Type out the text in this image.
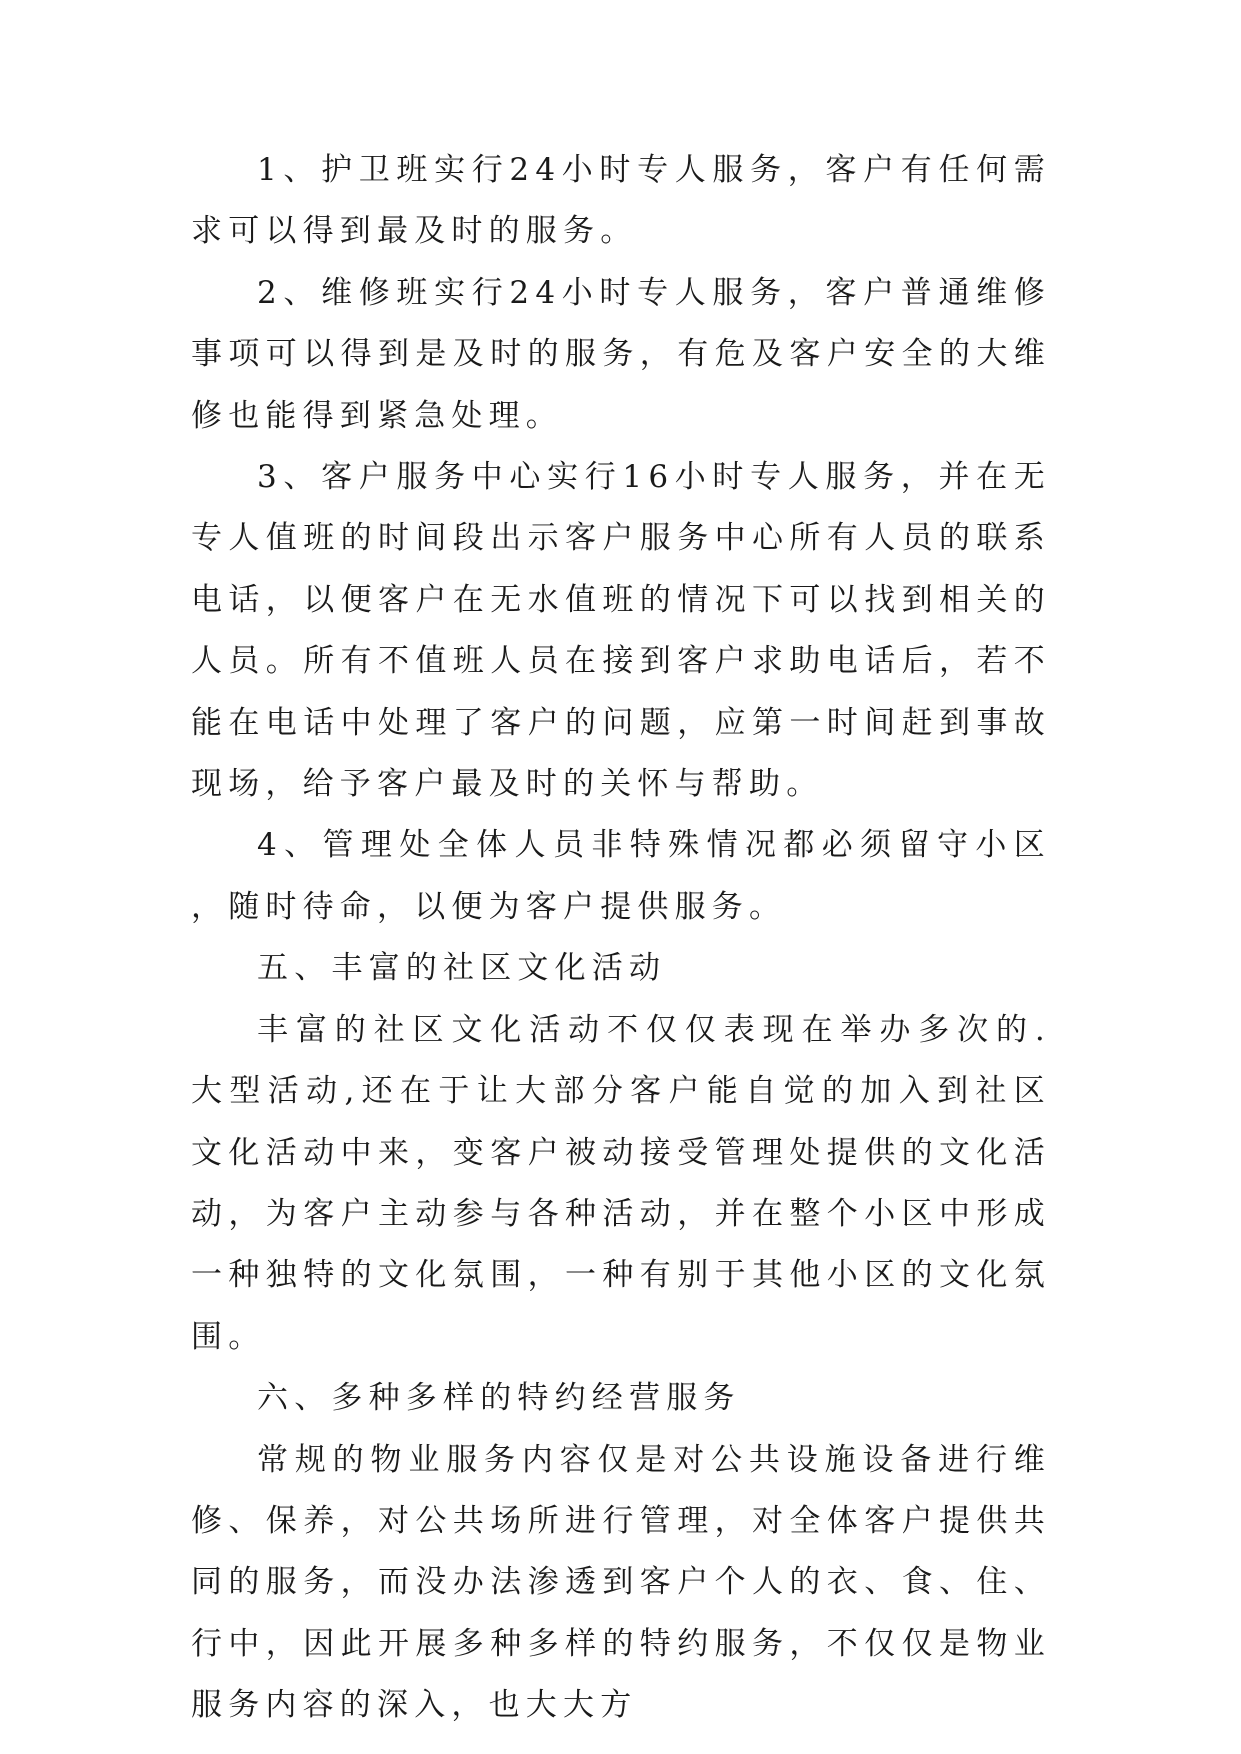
1、护卫班实行24小时专人服务，客户有任何需求可以得到最及时的服务。

2、维修班实行24小时专人服务，客户普通维修事项可以得到是及时的服务，有危及客户安全的大维修也能得到紧急处理。

3、客户服务中心实行16小时专人服务，并在无专人值班的时间段出示客户服务中心所有人员的联系电话，以便客户在无水值班的情况下可以找到相关的人员。所有不值班人员在接到客户求助电话后，若不能在电话中处理了客户的问题，应第一时间赶到事故现场，给予客户最及时的关怀与帮助。

4、管理处全体人员非特殊情况都必须留守小区，随时待命，以便为客户提供服务。

五、丰富的社区文化活动

丰富的社区文化活动不仅仅表现在举办多次的.大型活动,还在于让大部分客户能自觉的加入到社区文化活动中来，变客户被动接受管理处提供的文化活动，为客户主动参与各种活动，并在整个小区中形成一种独特的文化氛围，一种有别于其他小区的文化氛围。

六、多种多样的特约经营服务

常规的物业服务内容仅是对公共设施设备进行维修、保养，对公共场所进行管理，对全体客户提供共同的服务，而没办法渗透到客户个人的衣、食、住、行中，因此开展多种多样的特约服务，不仅仅是物业服务内容的深入，也大大方
